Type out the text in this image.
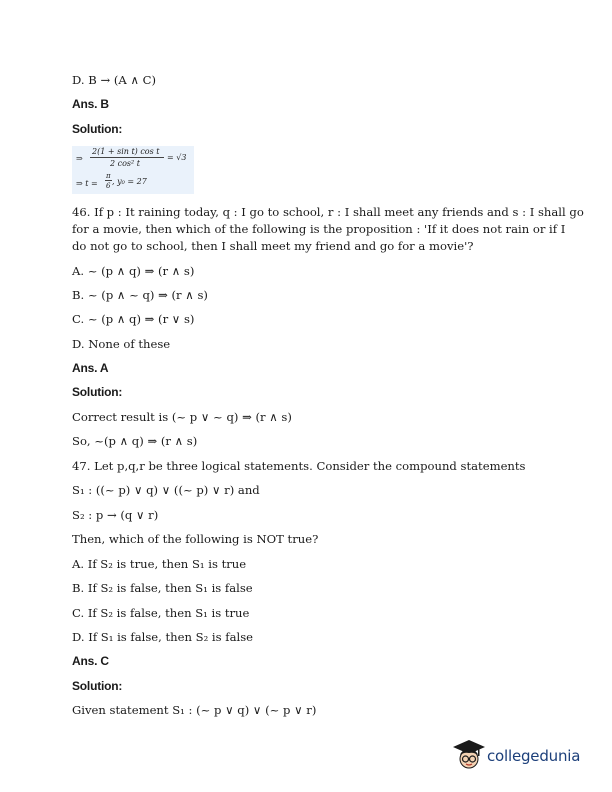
D. B → (A ∧ C)
Ans. B
Solution:
⇒
2(1 + sin t) cos t
2 cos² t
= √3
⇒ t =
π
6 , y₀ = 27
46. If p : It raining today, q : I go to school, r : I shall meet any friends and s : I shall go
for a movie, then which of the following is the proposition : 'If it does not rain or if I
do not go to school, then I shall meet my friend and go for a movie'?
A. ~ (p ∧ q) ⇒ (r ∧ s)
B. ~ (p ∧ ~ q) ⇒ (r ∧ s)
C. ~ (p ∧ q) ⇒ (r ∨ s)
D. None of these
Ans. A
Solution:
Correct result is (~ p ∨ ~ q) ⇒ (r ∧ s)
So, ~(p ∧ q) ⇒ (r ∧ s)
47. Let p,q,r be three logical statements. Consider the compound statements
S₁ : ((~ p) ∨ q) ∨ ((~ p) ∨ r) and
S₂ : p → (q ∨ r)
Then, which of the following is NOT true?
A. If S₂ is true, then S₁ is true
B. If S₂ is false, then S₁ is false
C. If S₂ is false, then S₁ is true
D. If S₁ is false, then S₂ is false
Ans. C
Solution:
Given statement S₁ : (~ p ∨ q) ∨ (~ p ∨ r)
collegedunia
